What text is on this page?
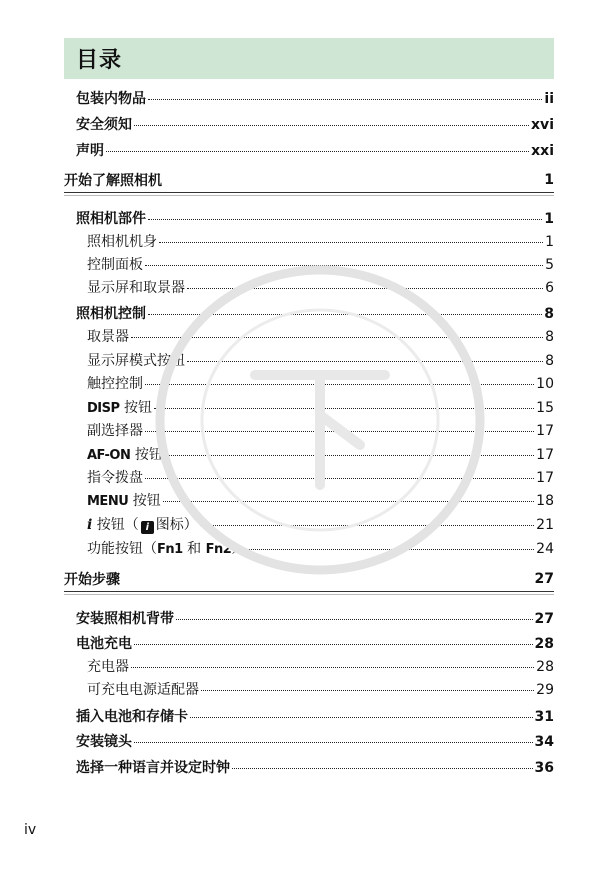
目录
包装内物品	ii
安全须知	xvi
声明	xxi
开始了解照相机	1
照相机部件	1
照相机机身	1
控制面板	5
显示屏和取景器	6
照相机控制	8
取景器	8
显示屏模式按钮	8
触控控制	10
DISP 按钮	15
副选择器	17
AF-ON 按钮	17
指令拨盘	17
MENU 按钮	18
i 按钮（ i 图标）	21
功能按钮（Fn1 和 Fn2）	24
开始步骤	27
安装照相机背带	27
电池充电	28
充电器	28
可充电电源适配器	29
插入电池和存储卡	31
安装镜头	34
选择一种语言并设定时钟	36
iv
